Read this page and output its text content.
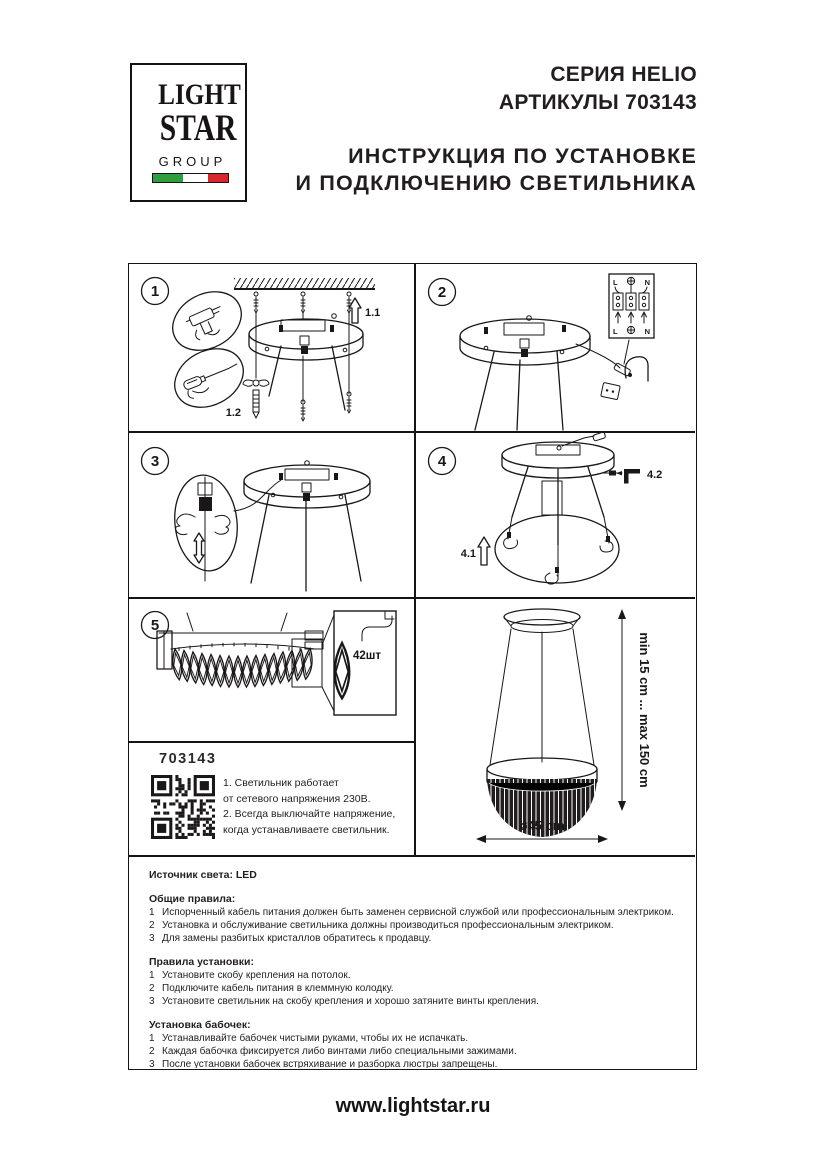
LIGHT
STAR
GROUP
СЕРИЯ HELIO
АРТИКУЛЫ 703143
ИНСТРУКЦИЯ ПО УСТАНОВКЕ
И ПОДКЛЮЧЕНИЮ СВЕТИЛЬНИКА
1
1.1
1.2
2
L	N
L	N
3	4
4.2
4.1
5
42шт
703143
1. Светильник работает
от сетевого напряжения 230В.
2. Всегда выключайте напряжение,
когда устанавливаете светильник.
min 15 cm ... max 150 cm
ø45 cm
Источник света: LED
Общие правила:
1 Испорченный кабель питания должен быть заменен сервисной службой или профессиональным электриком.
2 Установка и обслуживание светильника должны производиться профессиональным электриком.
3 Для замены разбитых кристаллов обратитесь к продавцу.
Правила установки:
1 Установите скобу крепления на потолок.
2 Подключите кабель питания в клеммную колодку.
3 Установите светильник на скобу крепления и хорошо затяните винты крепления.
Установка бабочек:
1 Устанавливайте бабочек чистыми руками, чтобы их не испачкать.
2 Каждая бабочка фиксируется либо винтами либо специальными зажимами.
3 После установки бабочек встряхивание и разборка люстры запрещены.
www.lightstar.ru
